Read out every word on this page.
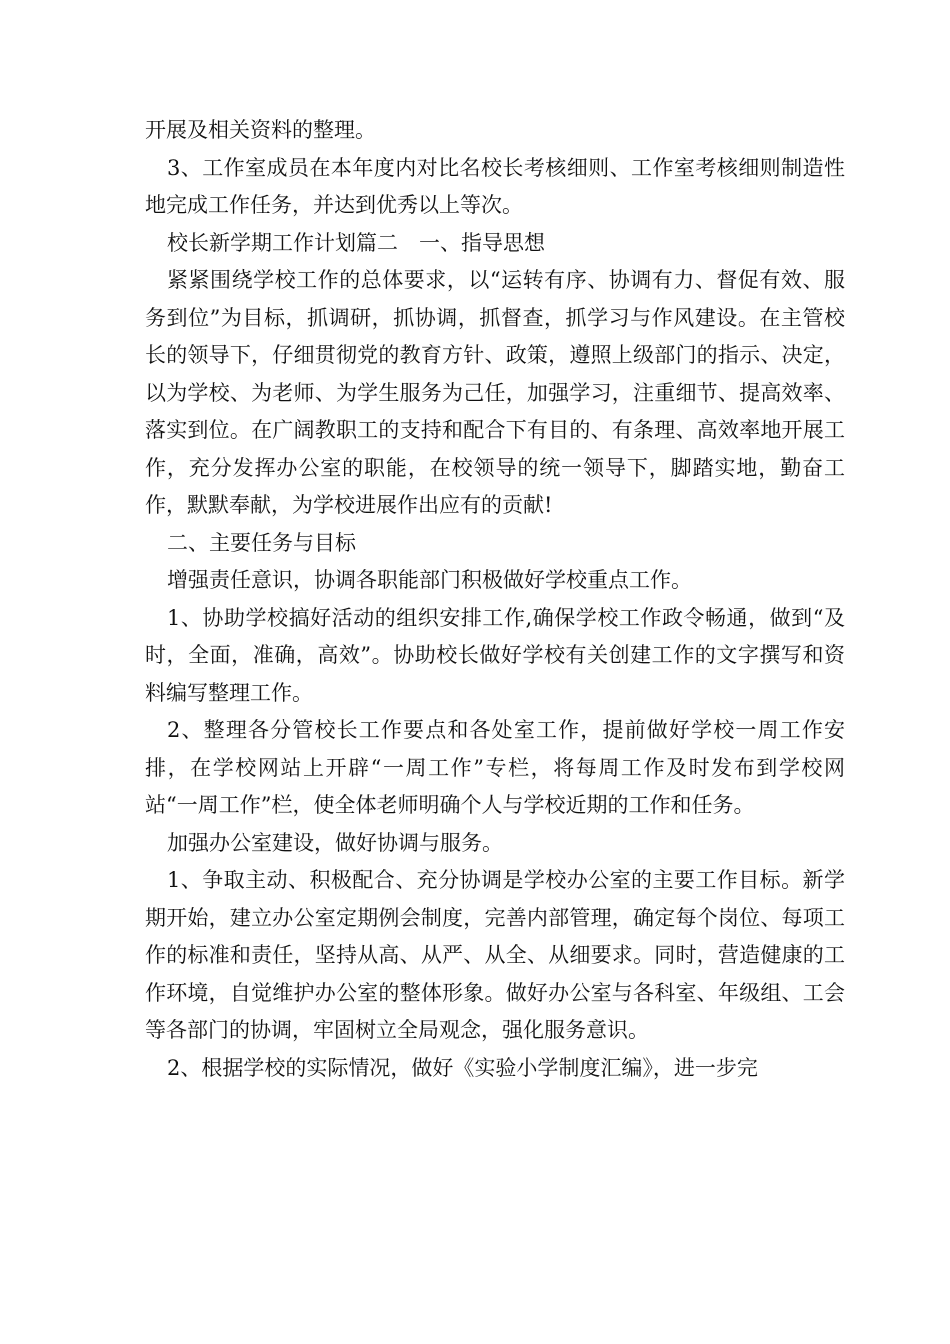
开展及相关资料的整理。

3、工作室成员在本年度内对比名校长考核细则、工作室考核细则制造性地完成工作任务，并达到优秀以上等次。

校长新学期工作计划篇二　一、指导思想

紧紧围绕学校工作的总体要求，以“运转有序、协调有力、督促有效、服务到位”为目标，抓调研，抓协调，抓督查，抓学习与作风建设。在主管校长的领导下，仔细贯彻党的教育方针、政策，遵照上级部门的指示、决定，以为学校、为老师、为学生服务为己任，加强学习，注重细节、提高效率、落实到位。在广阔教职工的支持和配合下有目的、有条理、高效率地开展工作，充分发挥办公室的职能，在校领导的统一领导下，脚踏实地，勤奋工作，默默奉献，为学校进展作出应有的贡献!

二、主要任务与目标

增强责任意识，协调各职能部门积极做好学校重点工作。

1、协助学校搞好活动的组织安排工作,确保学校工作政令畅通，做到“及时，全面，准确，高效”。协助校长做好学校有关创建工作的文字撰写和资料编写整理工作。

2、整理各分管校长工作要点和各处室工作，提前做好学校一周工作安排，在学校网站上开辟“一周工作”专栏，将每周工作及时发布到学校网站“一周工作”栏，使全体老师明确个人与学校近期的工作和任务。

加强办公室建设，做好协调与服务。

1、争取主动、积极配合、充分协调是学校办公室的主要工作目标。新学期开始，建立办公室定期例会制度，完善内部管理，确定每个岗位、每项工作的标准和责任，坚持从高、从严、从全、从细要求。同时，营造健康的工作环境，自觉维护办公室的整体形象。做好办公室与各科室、年级组、工会等各部门的协调，牢固树立全局观念，强化服务意识。

2、根据学校的实际情况，做好《实验小学制度汇编》，进一步完
